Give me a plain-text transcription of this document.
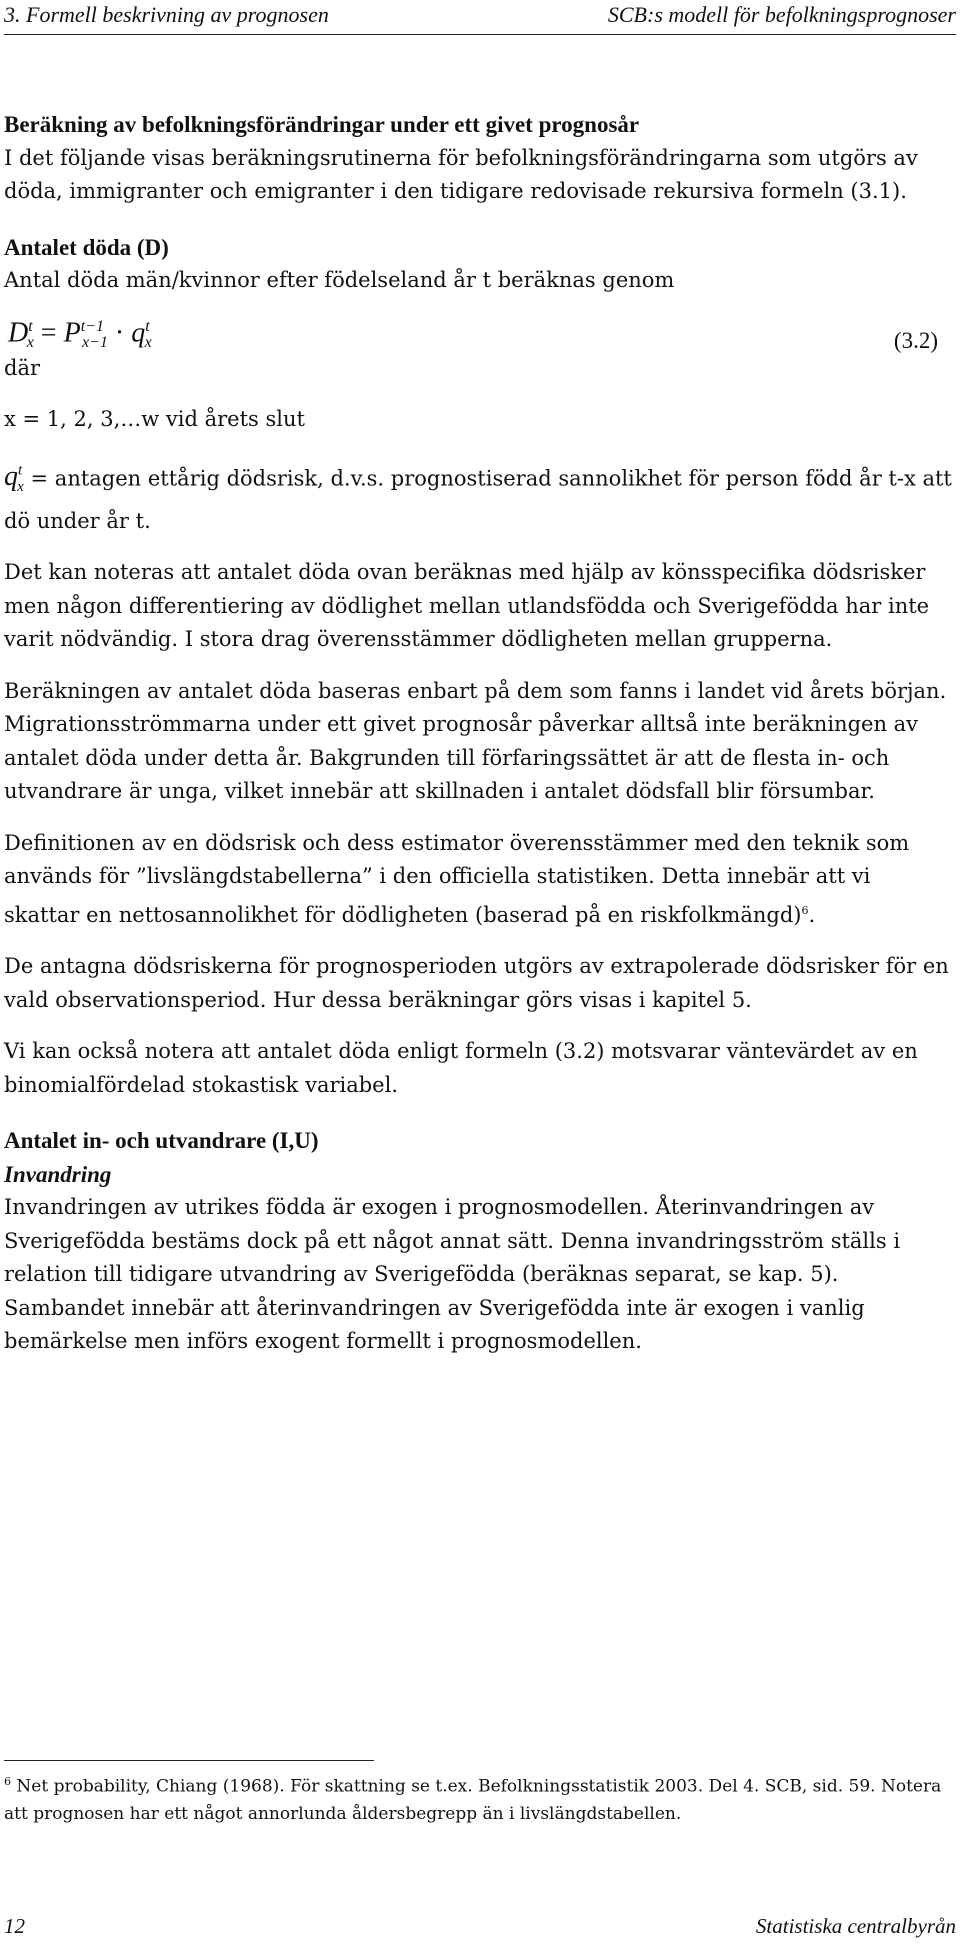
3. Formell beskrivning av prognosen	SCB:s modell för befolkningsprognoser

Beräkning av befolkningsförändringar under ett givet prognosår

I det följande visas beräkningsrutinerna för befolkningsförändringarna som utgörs av döda, immigranter och emigranter i den tidigare redovisade rekursiva formeln (3.1).

Antalet döda (D)

Antal döda män/kvinnor efter födelseland år t beräknas genom

$D^t_x = P^{t-1}_{x-1} \cdot q^t_x$	(3.2)

där

x = 1, 2, 3,…w vid årets slut

$q^t_x$ = antagen ettårig dödsrisk, d.v.s. prognostiserad sannolikhet för person född år t-x att dö under år t.

Det kan noteras att antalet döda ovan beräknas med hjälp av könsspecifika dödsrisker men någon differentiering av dödlighet mellan utlandsfödda och Sverigefödda har inte varit nödvändig. I stora drag överensstämmer dödligheten mellan grupperna.

Beräkningen av antalet döda baseras enbart på dem som fanns i landet vid årets början. Migrationsströmmarna under ett givet prognosår påverkar alltså inte beräkningen av antalet döda under detta år. Bakgrunden till förfaringssättet är att de flesta in- och utvandrare är unga, vilket innebär att skillnaden i antalet dödsfall blir försumbar.

Definitionen av en dödsrisk och dess estimator överensstämmer med den teknik som används för ”livslängdstabellerna” i den officiella statistiken. Detta innebär att vi skattar en nettosannolikhet för dödligheten (baserad på en riskfolkmängd)$^6$.

De antagna dödsriskerna för prognosperioden utgörs av extrapolerade dödsrisker för en vald observationsperiod. Hur dessa beräkningar görs visas i kapitel 5.

Vi kan också notera att antalet döda enligt formeln (3.2) motsvarar väntevärdet av en binomialfördelad stokastisk variabel.

Antalet in- och utvandrare (I,U)

Invandring

Invandringen av utrikes födda är exogen i prognosmodellen. Återinvandringen av Sverigefödda bestäms dock på ett något annat sätt. Denna invandringsström ställs i relation till tidigare utvandring av Sverigefödda (beräknas separat, se kap. 5). Sambandet innebär att återinvandringen av Sverigefödda inte är exogen i vanlig bemärkelse men införs exogent formellt i prognosmodellen.

$^6$ Net probability, Chiang (1968). För skattning se t.ex. Befolkningsstatistik 2003. Del 4. SCB, sid. 59. Notera att prognosen har ett något annorlunda åldersbegrepp än i livslängdstabellen.
12	Statistiska centralbyrån
